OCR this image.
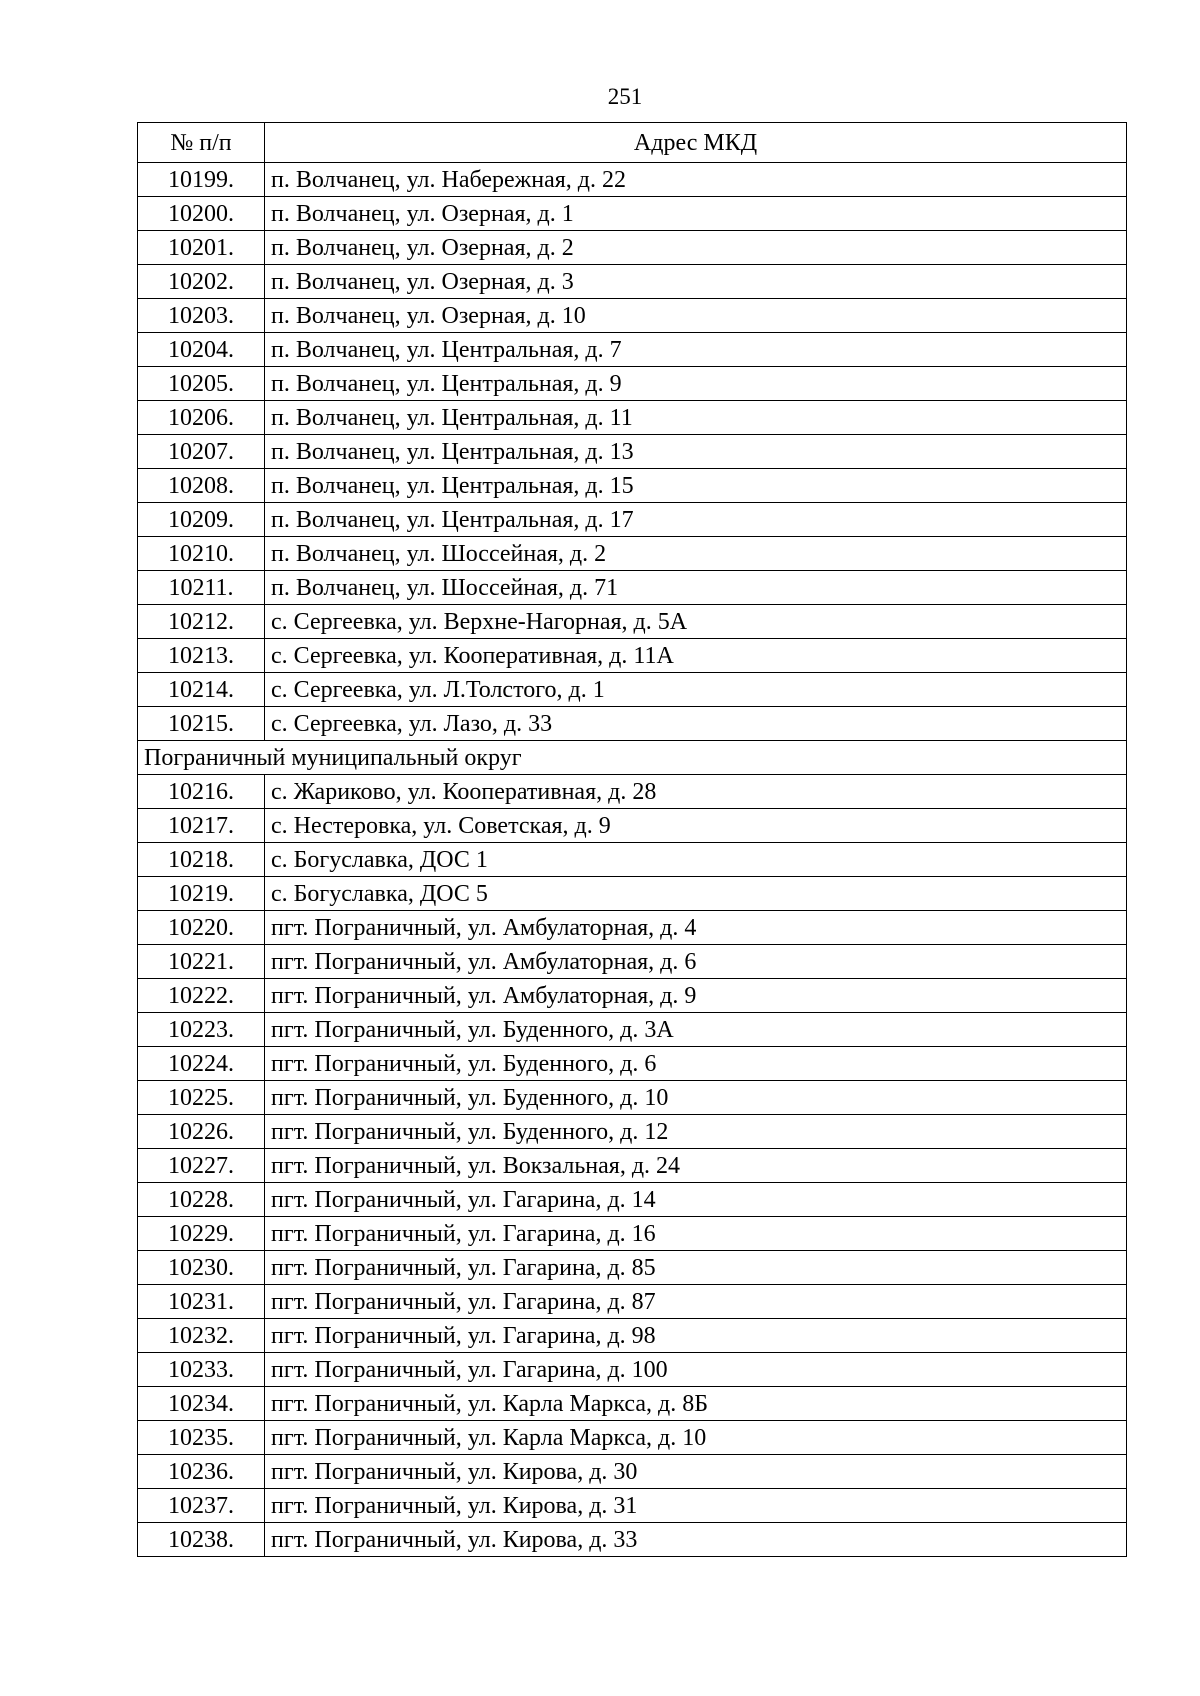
251
№ п/п	Адрес МКД
10199.	п. Волчанец, ул. Набережная, д. 22
10200.	п. Волчанец, ул. Озерная, д. 1
10201.	п. Волчанец, ул. Озерная, д. 2
10202.	п. Волчанец, ул. Озерная, д. 3
10203.	п. Волчанец, ул. Озерная, д. 10
10204.	п. Волчанец, ул. Центральная, д. 7
10205.	п. Волчанец, ул. Центральная, д. 9
10206.	п. Волчанец, ул. Центральная, д. 11
10207.	п. Волчанец, ул. Центральная, д. 13
10208.	п. Волчанец, ул. Центральная, д. 15
10209.	п. Волчанец, ул. Центральная, д. 17
10210.	п. Волчанец, ул. Шоссейная, д. 2
10211.	п. Волчанец, ул. Шоссейная, д. 71
10212.	с. Сергеевка, ул. Верхне-Нагорная, д. 5А
10213.	с. Сергеевка, ул. Кооперативная, д. 11А
10214.	с. Сергеевка, ул. Л.Толстого, д. 1
10215.	с. Сергеевка, ул. Лазо, д. 33
Пограничный муниципальный округ	
10216.	с. Жариково, ул. Кооперативная, д. 28
10217.	с. Нестеровка, ул. Советская, д. 9
10218.	с. Богуславка, ДОС 1
10219.	с. Богуславка, ДОС 5
10220.	пгт. Пограничный, ул. Амбулаторная, д. 4
10221.	пгт. Пограничный, ул. Амбулаторная, д. 6
10222.	пгт. Пограничный, ул. Амбулаторная, д. 9
10223.	пгт. Пограничный, ул. Буденного, д. 3А
10224.	пгт. Пограничный, ул. Буденного, д. 6
10225.	пгт. Пограничный, ул. Буденного, д. 10
10226.	пгт. Пограничный, ул. Буденного, д. 12
10227.	пгт. Пограничный, ул. Вокзальная, д. 24
10228.	пгт. Пограничный, ул. Гагарина, д. 14
10229.	пгт. Пограничный, ул. Гагарина, д. 16
10230.	пгт. Пограничный, ул. Гагарина, д. 85
10231.	пгт. Пограничный, ул. Гагарина, д. 87
10232.	пгт. Пограничный, ул. Гагарина, д. 98
10233.	пгт. Пограничный, ул. Гагарина, д. 100
10234.	пгт. Пограничный, ул. Карла Маркса, д. 8Б
10235.	пгт. Пограничный, ул. Карла Маркса, д. 10
10236.	пгт. Пограничный, ул. Кирова, д. 30
10237.	пгт. Пограничный, ул. Кирова, д. 31
10238.	пгт. Пограничный, ул. Кирова, д. 33
